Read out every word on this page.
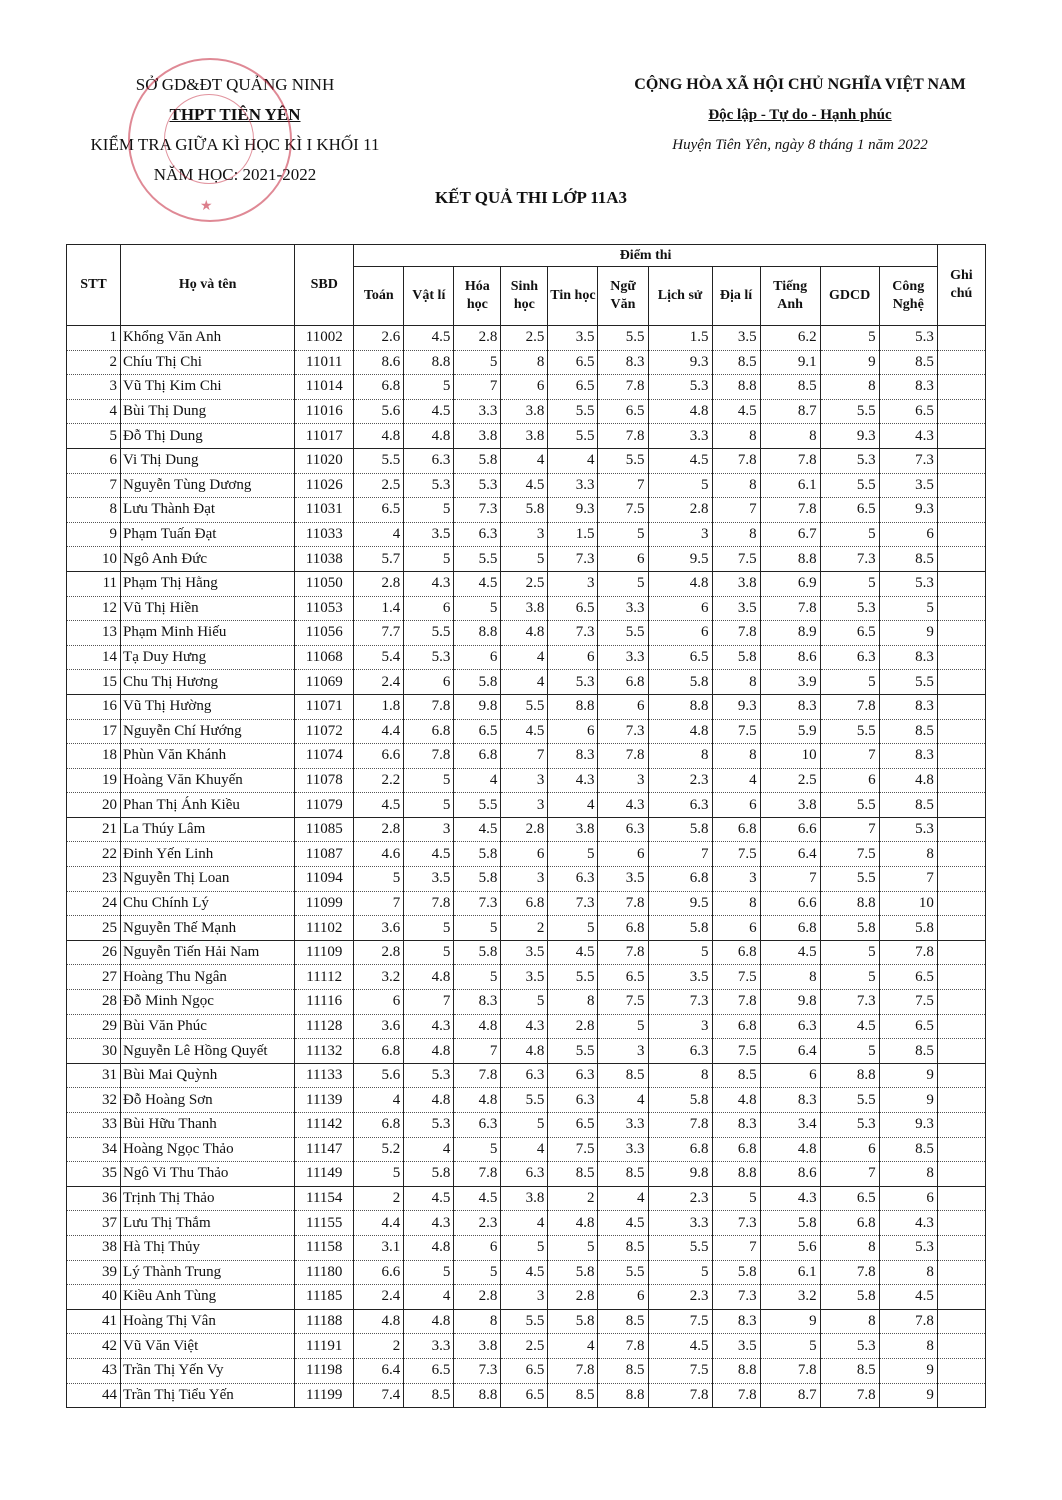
SỞ GD&ĐT QUẢNG NINH
THPT TIÊN YÊN
KIỂM TRA GIỮA KÌ HỌC KÌ I KHỐI 11
NĂM HỌC: 2021-2022
★
CỘNG HÒA XÃ HỘI CHỦ NGHĨA VIỆT NAM
Độc lập - Tự do - Hạnh phúc
Huyện Tiên Yên, ngày 8 tháng 1 năm 2022
KẾT QUẢ THI LỚP 11A3
STT	Họ và tên	SBD	Điểm thi											Ghi chú
			Toán	Vật lí	Hóa học	Sinh học	Tin học	Ngữ Văn	Lịch sử	Địa lí	Tiếng Anh	GDCD	Công Nghệ	
1	Khổng Văn Anh	11002	2.6	4.5	2.8	2.5	3.5	5.5	1.5	3.5	6.2	5	5.3	
2	Chíu Thị Chi	11011	8.6	8.8	5	8	6.5	8.3	9.3	8.5	9.1	9	8.5	
3	Vũ Thị Kim Chi	11014	6.8	5	7	6	6.5	7.8	5.3	8.8	8.5	8	8.3	
4	Bùi Thị Dung	11016	5.6	4.5	3.3	3.8	5.5	6.5	4.8	4.5	8.7	5.5	6.5	
5	Đỗ Thị Dung	11017	4.8	4.8	3.8	3.8	5.5	7.8	3.3	8	8	9.3	4.3	
6	Vi Thị Dung	11020	5.5	6.3	5.8	4	4	5.5	4.5	7.8	7.8	5.3	7.3	
7	Nguyễn Tùng Dương	11026	2.5	5.3	5.3	4.5	3.3	7	5	8	6.1	5.5	3.5	
8	Lưu Thành Đạt	11031	6.5	5	7.3	5.8	9.3	7.5	2.8	7	7.8	6.5	9.3	
9	Phạm Tuấn Đạt	11033	4	3.5	6.3	3	1.5	5	3	8	6.7	5	6	
10	Ngô Anh Đức	11038	5.7	5	5.5	5	7.3	6	9.5	7.5	8.8	7.3	8.5	
11	Phạm Thị Hằng	11050	2.8	4.3	4.5	2.5	3	5	4.8	3.8	6.9	5	5.3	
12	Vũ Thị Hiền	11053	1.4	6	5	3.8	6.5	3.3	6	3.5	7.8	5.3	5	
13	Phạm Minh Hiếu	11056	7.7	5.5	8.8	4.8	7.3	5.5	6	7.8	8.9	6.5	9	
14	Tạ Duy Hưng	11068	5.4	5.3	6	4	6	3.3	6.5	5.8	8.6	6.3	8.3	
15	Chu Thị Hương	11069	2.4	6	5.8	4	5.3	6.8	5.8	8	3.9	5	5.5	
16	Vũ Thị Hường	11071	1.8	7.8	9.8	5.5	8.8	6	8.8	9.3	8.3	7.8	8.3	
17	Nguyễn Chí Hướng	11072	4.4	6.8	6.5	4.5	6	7.3	4.8	7.5	5.9	5.5	8.5	
18	Phùn Văn Khánh	11074	6.6	7.8	6.8	7	8.3	7.8	8	8	10	7	8.3	
19	Hoàng Văn Khuyến	11078	2.2	5	4	3	4.3	3	2.3	4	2.5	6	4.8	
20	Phan Thị Ánh Kiều	11079	4.5	5	5.5	3	4	4.3	6.3	6	3.8	5.5	8.5	
21	La Thúy Lâm	11085	2.8	3	4.5	2.8	3.8	6.3	5.8	6.8	6.6	7	5.3	
22	Đinh Yến Linh	11087	4.6	4.5	5.8	6	5	6	7	7.5	6.4	7.5	8	
23	Nguyễn Thị Loan	11094	5	3.5	5.8	3	6.3	3.5	6.8	3	7	5.5	7	
24	Chu Chính Lý	11099	7	7.8	7.3	6.8	7.3	7.8	9.5	8	6.6	8.8	10	
25	Nguyễn Thế Mạnh	11102	3.6	5	5	2	5	6.8	5.8	6	6.8	5.8	5.8	
26	Nguyễn Tiến Hải Nam	11109	2.8	5	5.8	3.5	4.5	7.8	5	6.8	4.5	5	7.8	
27	Hoàng Thu Ngân	11112	3.2	4.8	5	3.5	5.5	6.5	3.5	7.5	8	5	6.5	
28	Đỗ Minh Ngọc	11116	6	7	8.3	5	8	7.5	7.3	7.8	9.8	7.3	7.5	
29	Bùi Văn Phúc	11128	3.6	4.3	4.8	4.3	2.8	5	3	6.8	6.3	4.5	6.5	
30	Nguyễn Lê Hồng Quyết	11132	6.8	4.8	7	4.8	5.5	3	6.3	7.5	6.4	5	8.5	
31	Bùi Mai Quỳnh	11133	5.6	5.3	7.8	6.3	6.3	8.5	8	8.5	6	8.8	9	
32	Đỗ Hoàng Sơn	11139	4	4.8	4.8	5.5	6.3	4	5.8	4.8	8.3	5.5	9	
33	Bùi Hữu Thanh	11142	6.8	5.3	6.3	5	6.5	3.3	7.8	8.3	3.4	5.3	9.3	
34	Hoàng Ngọc Thảo	11147	5.2	4	5	4	7.5	3.3	6.8	6.8	4.8	6	8.5	
35	Ngô Vi Thu Thảo	11149	5	5.8	7.8	6.3	8.5	8.5	9.8	8.8	8.6	7	8	
36	Trịnh Thị Thảo	11154	2	4.5	4.5	3.8	2	4	2.3	5	4.3	6.5	6	
37	Lưu Thị Thắm	11155	4.4	4.3	2.3	4	4.8	4.5	3.3	7.3	5.8	6.8	4.3	
38	Hà Thị Thủy	11158	3.1	4.8	6	5	5	8.5	5.5	7	5.6	8	5.3	
39	Lý Thành Trung	11180	6.6	5	5	4.5	5.8	5.5	5	5.8	6.1	7.8	8	
40	Kiều Anh Tùng	11185	2.4	4	2.8	3	2.8	6	2.3	7.3	3.2	5.8	4.5	
41	Hoàng Thị Vân	11188	4.8	4.8	8	5.5	5.8	8.5	7.5	8.3	9	8	7.8	
42	Vũ Văn Việt	11191	2	3.3	3.8	2.5	4	7.8	4.5	3.5	5	5.3	8	
43	Trần Thị Yến Vy	11198	6.4	6.5	7.3	6.5	7.8	8.5	7.5	8.8	7.8	8.5	9	
44	Trần Thị Tiểu Yến	11199	7.4	8.5	8.8	6.5	8.5	8.8	7.8	7.8	8.7	7.8	9	
